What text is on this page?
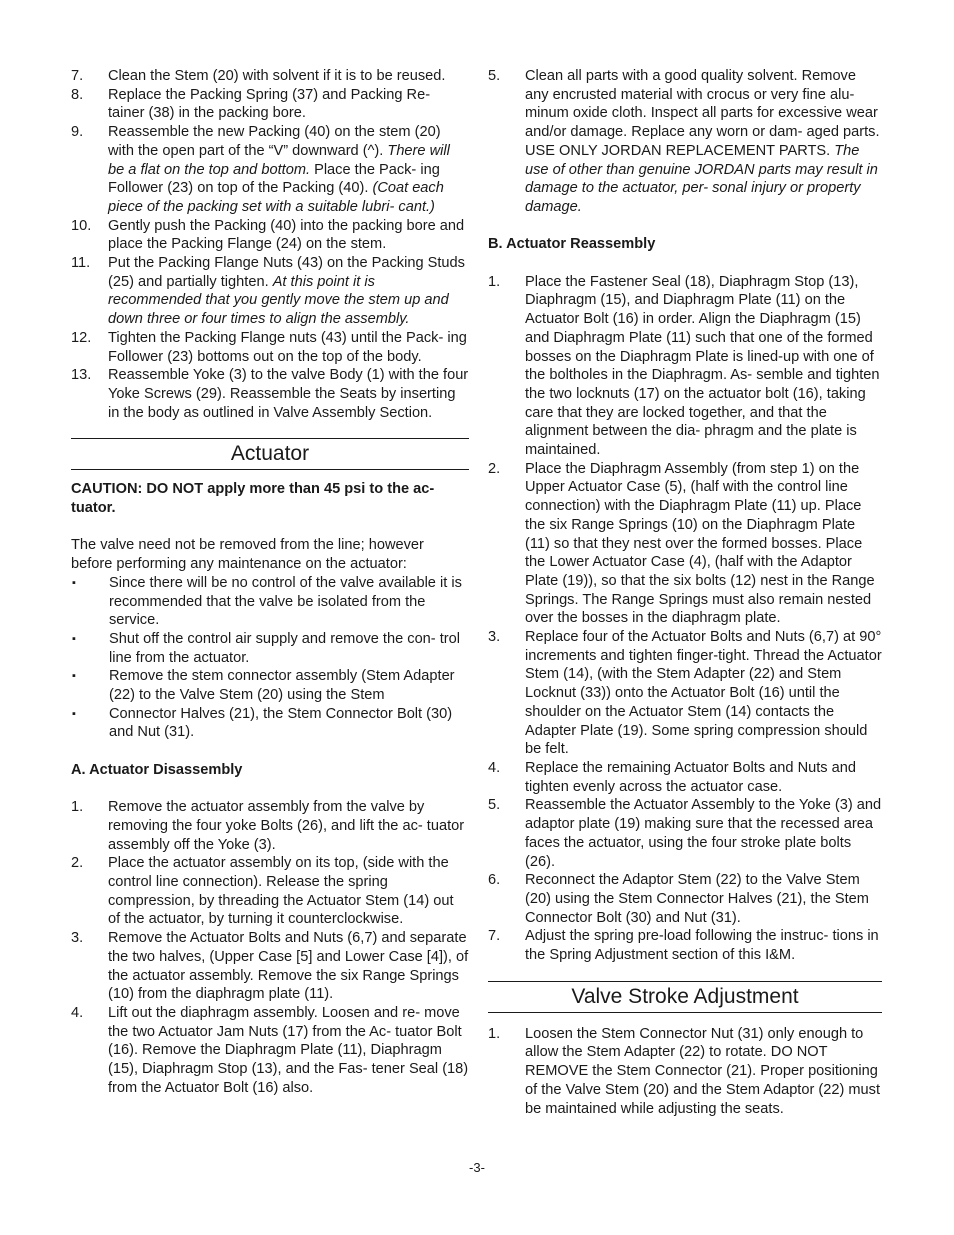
7.	Clean the Stem (20) with solvent if it is to be reused.
8.	Replace the Packing Spring (37) and Packing Re- tainer (38) in the packing bore.
9.	Reassemble the new Packing (40) on the stem (20) with the open part of the “V” downward (^). There will be a flat on the top and bottom. Place the Pack- ing Follower (23) on top of the Packing (40). (Coat each piece of the packing set with a suitable lubri- cant.)
10.	Gently push the Packing (40) into the packing bore and place the Packing Flange (24) on the stem.
11.	Put the Packing Flange Nuts (43) on the Packing Studs (25) and partially tighten. At this point it is recommended that you gently move the stem up and down three or four times to align the assembly.
12.	Tighten the Packing Flange nuts (43) until the Pack- ing Follower (23) bottoms out on the top of the body.
13.	Reassemble Yoke (3) to the valve Body (1) with the four Yoke Screws (29). Reassemble the Seats by inserting in the body as outlined in Valve Assembly Section.
Actuator

CAUTION: DO NOT apply more than 45 psi to the ac- tuator.

The valve need not be removed from the line; however before performing any maintenance on the actuator:

▪	Since there will be no control of the valve available it is recommended that the valve be isolated from the service.
▪	Shut off the control air supply and remove the con- trol line from the actuator.
▪	Remove the stem connector assembly (Stem Adapter (22) to the Valve Stem (20) using the Stem
▪	Connector Halves (21), the Stem Connector Bolt (30) and Nut (31).

A. Actuator Disassembly

1.	Remove the actuator assembly from the valve by removing the four yoke Bolts (26), and lift the ac- tuator assembly off the Yoke (3).
2.	Place the actuator assembly on its top, (side with the control line connection). Release the spring compression, by threading the Actuator Stem (14) out of the actuator, by turning it counterclockwise.
3.	Remove the Actuator Bolts and Nuts (6,7) and separate the two halves, (Upper Case [5] and Lower Case [4]), of the actuator assembly. Remove the six Range Springs (10) from the diaphragm plate (11).
4.	Lift out the diaphragm assembly. Loosen and re- move the two Actuator Jam Nuts (17) from the Ac- tuator Bolt (16). Remove the Diaphragm Plate (11), Diaphragm (15), Diaphragm Stop (13), and the Fas- tener Seal (18) from the Actuator Bolt (16) also.
5.	Clean all parts with a good quality solvent. Remove any encrusted material with crocus or very fine alu- minum oxide cloth. Inspect all parts for excessive wear and/or damage. Replace any worn or dam- aged parts. USE ONLY JORDAN REPLACEMENT PARTS. The use of other than genuine JORDAN parts may result in damage to the actuator, per- sonal injury or property damage.

B. Actuator Reassembly

1.	Place the Fastener Seal (18), Diaphragm Stop (13), Diaphragm (15), and Diaphragm Plate (11) on the Actuator Bolt (16) in order. Align the Diaphragm (15) and Diaphragm Plate (11) such that one of the formed bosses on the Diaphragm Plate is lined-up with one of the boltholes in the Diaphragm. As- semble and tighten the two locknuts (17) on the actuator bolt (16), taking care that they are locked together, and that the alignment between the dia- phragm and the plate is maintained.
2.	Place the Diaphragm Assembly (from step 1) on the Upper Actuator Case (5), (half with the control line connection) with the Diaphragm Plate (11) up. Place the six Range Springs (10) on the Diaphragm Plate (11) so that they nest over the formed bosses. Place the Lower Actuator Case (4), (half with the Adaptor Plate (19)), so that the six bolts (12) nest in the Range Springs. The Range Springs must also remain nested over the bosses in the diaphragm plate.
3.	Replace four of the Actuator Bolts and Nuts (6,7) at 90° increments and tighten finger-tight. Thread the Actuator Stem (14), (with the Stem Adapter (22) and Stem Locknut (33)) onto the Actuator Bolt (16) until the shoulder on the Actuator Stem (14) contacts the Adapter Plate (19). Some spring compression should be felt.
4.	Replace the remaining Actuator Bolts and Nuts and tighten evenly across the actuator case.
5.	Reassemble the Actuator Assembly to the Yoke (3) and adaptor plate (19) making sure that the recessed area faces the actuator, using the four stroke plate bolts (26).
6.	Reconnect the Adaptor Stem (22) to the Valve Stem (20) using the Stem Connector Halves (21), the Stem Connector Bolt (30) and Nut (31).
7.	Adjust the spring pre-load following the instruc- tions in the Spring Adjustment section of this I&M.
Valve Stroke Adjustment
1.	Loosen the Stem Connector Nut (31) only enough to allow the Stem Adapter (22) to rotate. DO NOT REMOVE the Stem Connector (21). Proper positioning of the Valve Stem (20) and the Stem Adaptor (22) must be maintained while adjusting the seats.
-3-
